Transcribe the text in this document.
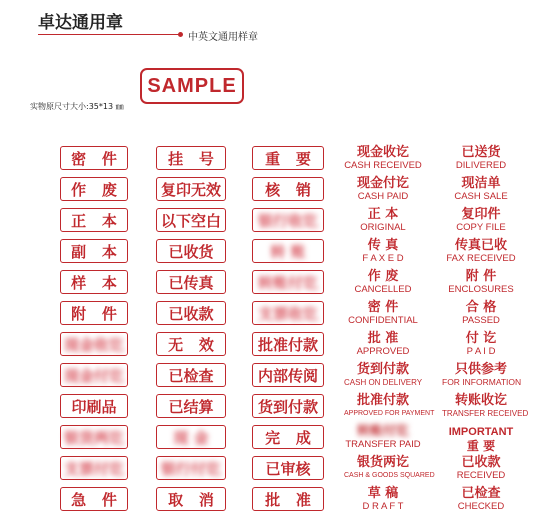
卓达通用章
中英文通用样章
SAMPLE
实物原尺寸大小:35*13 ㎜
密 件
作 废
正 本
副 本
样 本
附 件
现金收讫
现金付讫
印刷品
银货两讫
支票付讫
急 件
挂 号
复印无效
以下空白
已收货
已传真
已收款
无 效
已检查
已结算
现 金
银行付讫
取 消
重 要
核 销
银行收讫
转 账
转账付讫
支票收讫
批准付款
内部传阅
货到付款
完 成
已审核
批 准
现金收讫
CASH RECEIVED
现金付讫
CASH PAID
正 本
ORIGINAL
传 真
F A X E D
作 废
CANCELLED
密 件
CONFIDENTIAL
批 准
APPROVED
货到付款
CASH ON DELIVERY
批准付款
APPROVED FOR PAYMENT
转账付讫
TRANSFER PAID
银货两讫
CASH & GOODS SQUARED
草 稿
D R A F T
已送货
DILIVERED
现洁单
CASH SALE
复印件
COPY FILE
传真已收
FAX RECEIVED
附 件
ENCLOSURES
合 格
PASSED
付 讫
P A I D
只供参考
FOR INFORMATION
转账收讫
TRANSFER RECEIVED
IMPORTANT
重 要
已收款
RECEIVED
已检查
CHECKED
